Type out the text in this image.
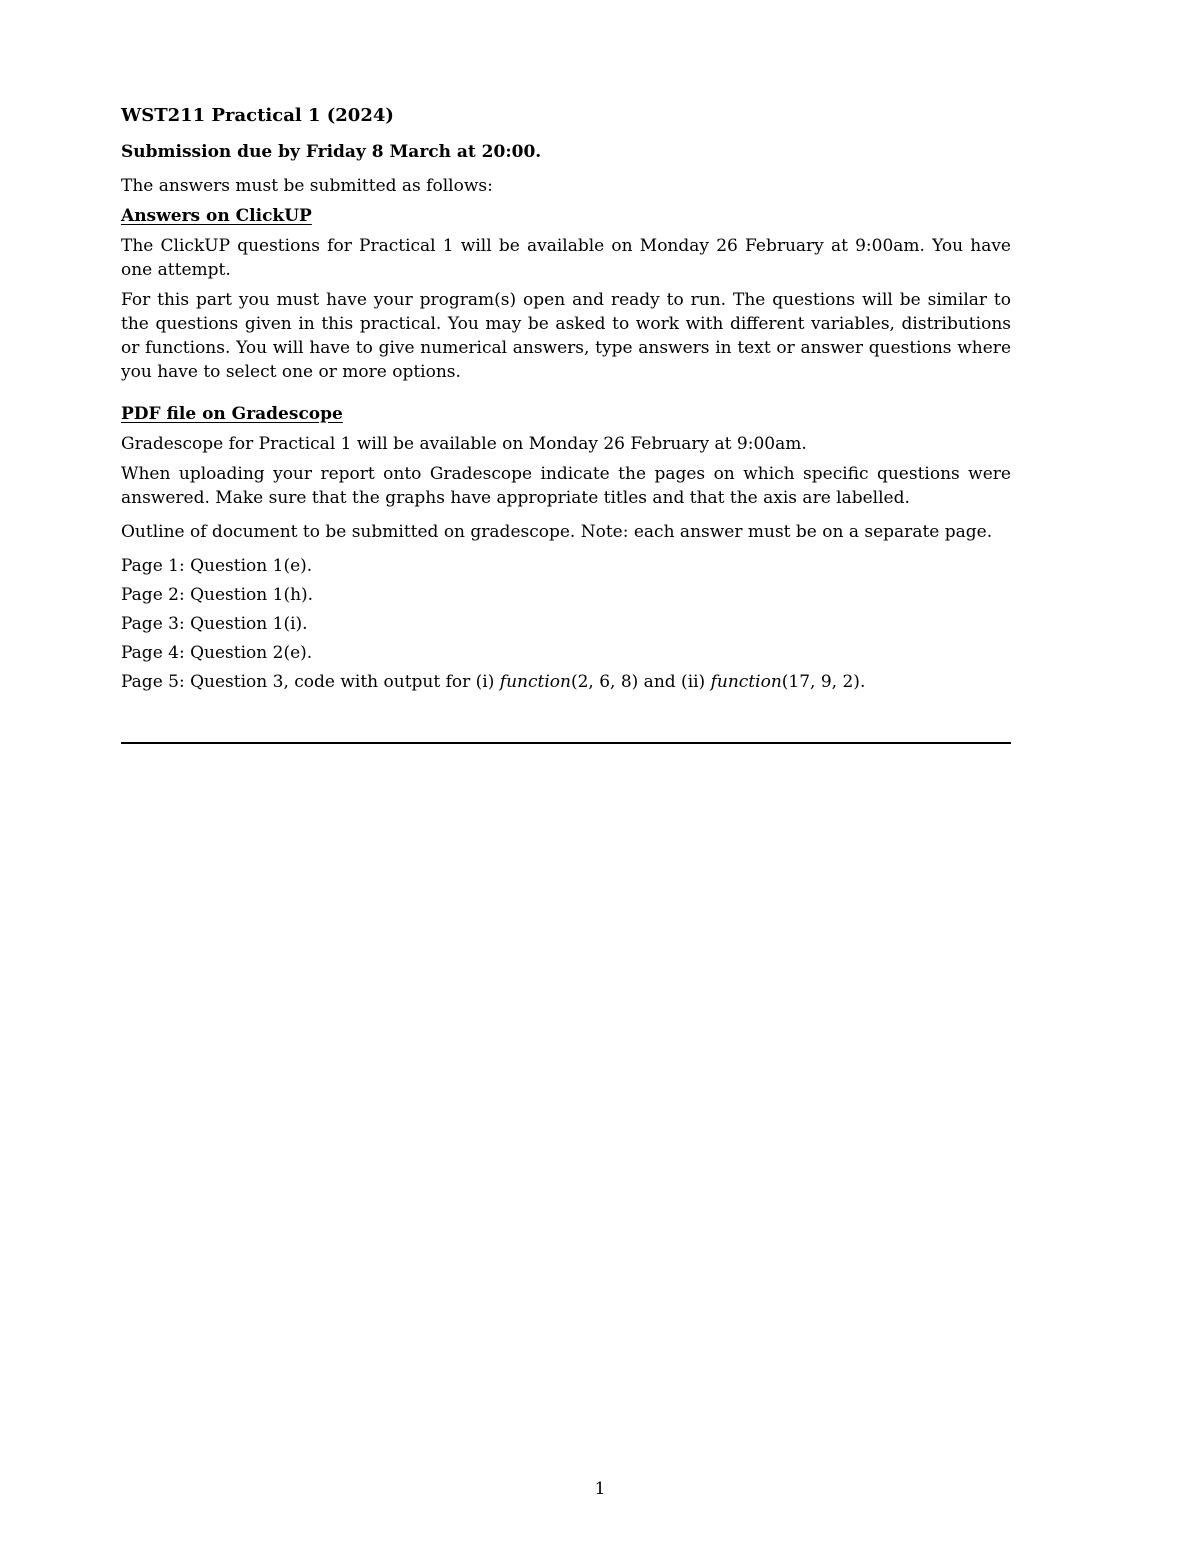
WST211 Practical 1 (2024)
Submission due by Friday 8 March at 20:00.

The answers must be submitted as follows:

Answers on ClickUP

The ClickUP questions for Practical 1 will be available on Monday 26 February at 9:00am. You have one attempt.

For this part you must have your program(s) open and ready to run. The questions will be similar to the questions given in this practical. You may be asked to work with different variables, distributions or functions. You will have to give numerical answers, type answers in text or answer questions where you have to select one or more options.

PDF file on Gradescope

Gradescope for Practical 1 will be available on Monday 26 February at 9:00am.

When uploading your report onto Gradescope indicate the pages on which specific questions were answered. Make sure that the graphs have appropriate titles and that the axis are labelled.

Outline of document to be submitted on gradescope. Note: each answer must be on a separate page.

Page 1: Question 1(e).
Page 2: Question 1(h).
Page 3: Question 1(i).
Page 4: Question 2(e).
Page 5: Question 3, code with output for (i) function(2, 6, 8) and (ii) function(17, 9, 2).
1
